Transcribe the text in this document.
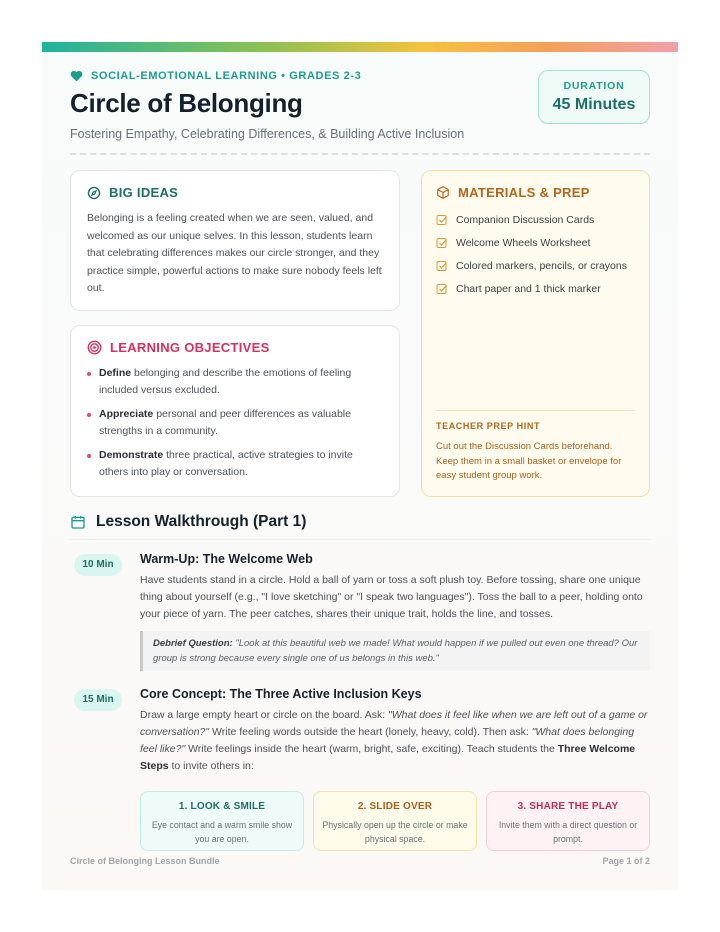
SOCIAL-EMOTIONAL LEARNING • GRADES 2-3
Circle of Belonging
Fostering Empathy, Celebrating Differences, & Building Active Inclusion
DURATION
45 Minutes
BIG IDEAS

Belonging is a feeling created when we are seen, valued, and welcomed as our unique selves. In this lesson, students learn that celebrating differences makes our circle stronger, and they practice simple, powerful actions to make sure nobody feels left out.

LEARNING OBJECTIVES
Define belonging and describe the emotions of feeling included versus excluded.
Appreciate personal and peer differences as valuable strengths in a community.
Demonstrate three practical, active strategies to invite others into play or conversation.
MATERIALS & PREP
Companion Discussion Cards
Welcome Wheels Worksheet
Colored markers, pencils, or crayons
Chart paper and 1 thick marker
TEACHER PREP HINT
Cut out the Discussion Cards beforehand. Keep them in a small basket or envelope for easy student group work.
Lesson Walkthrough (Part 1)
10 Min	Warm-Up: The Welcome Web
Have students stand in a circle. Hold a ball of yarn or toss a soft plush toy. Before tossing, share one unique thing about yourself (e.g., "I love sketching" or "I speak two languages"). Toss the ball to a peer, holding onto your piece of yarn. The peer catches, shares their unique trait, holds the line, and tosses.
Debrief Question: "Look at this beautiful web we made! What would happen if we pulled out even one thread? Our group is strong because every single one of us belongs in this web."
15 Min	Core Concept: The Three Active Inclusion Keys
Draw a large empty heart or circle on the board. Ask: "What does it feel like when we are left out of a game or conversation?" Write feeling words outside the heart (lonely, heavy, cold). Then ask: "What does belonging feel like?" Write feelings inside the heart (warm, bright, safe, exciting). Teach students the Three Welcome Steps to invite others in:
1. LOOK & SMILE
Eye contact and a warm smile show you are open.
2. SLIDE OVER
Physically open up the circle or make physical space.
3. SHARE THE PLAY
Invite them with a direct question or prompt.
Circle of Belonging Lesson Bundle	Page 1 of 2
